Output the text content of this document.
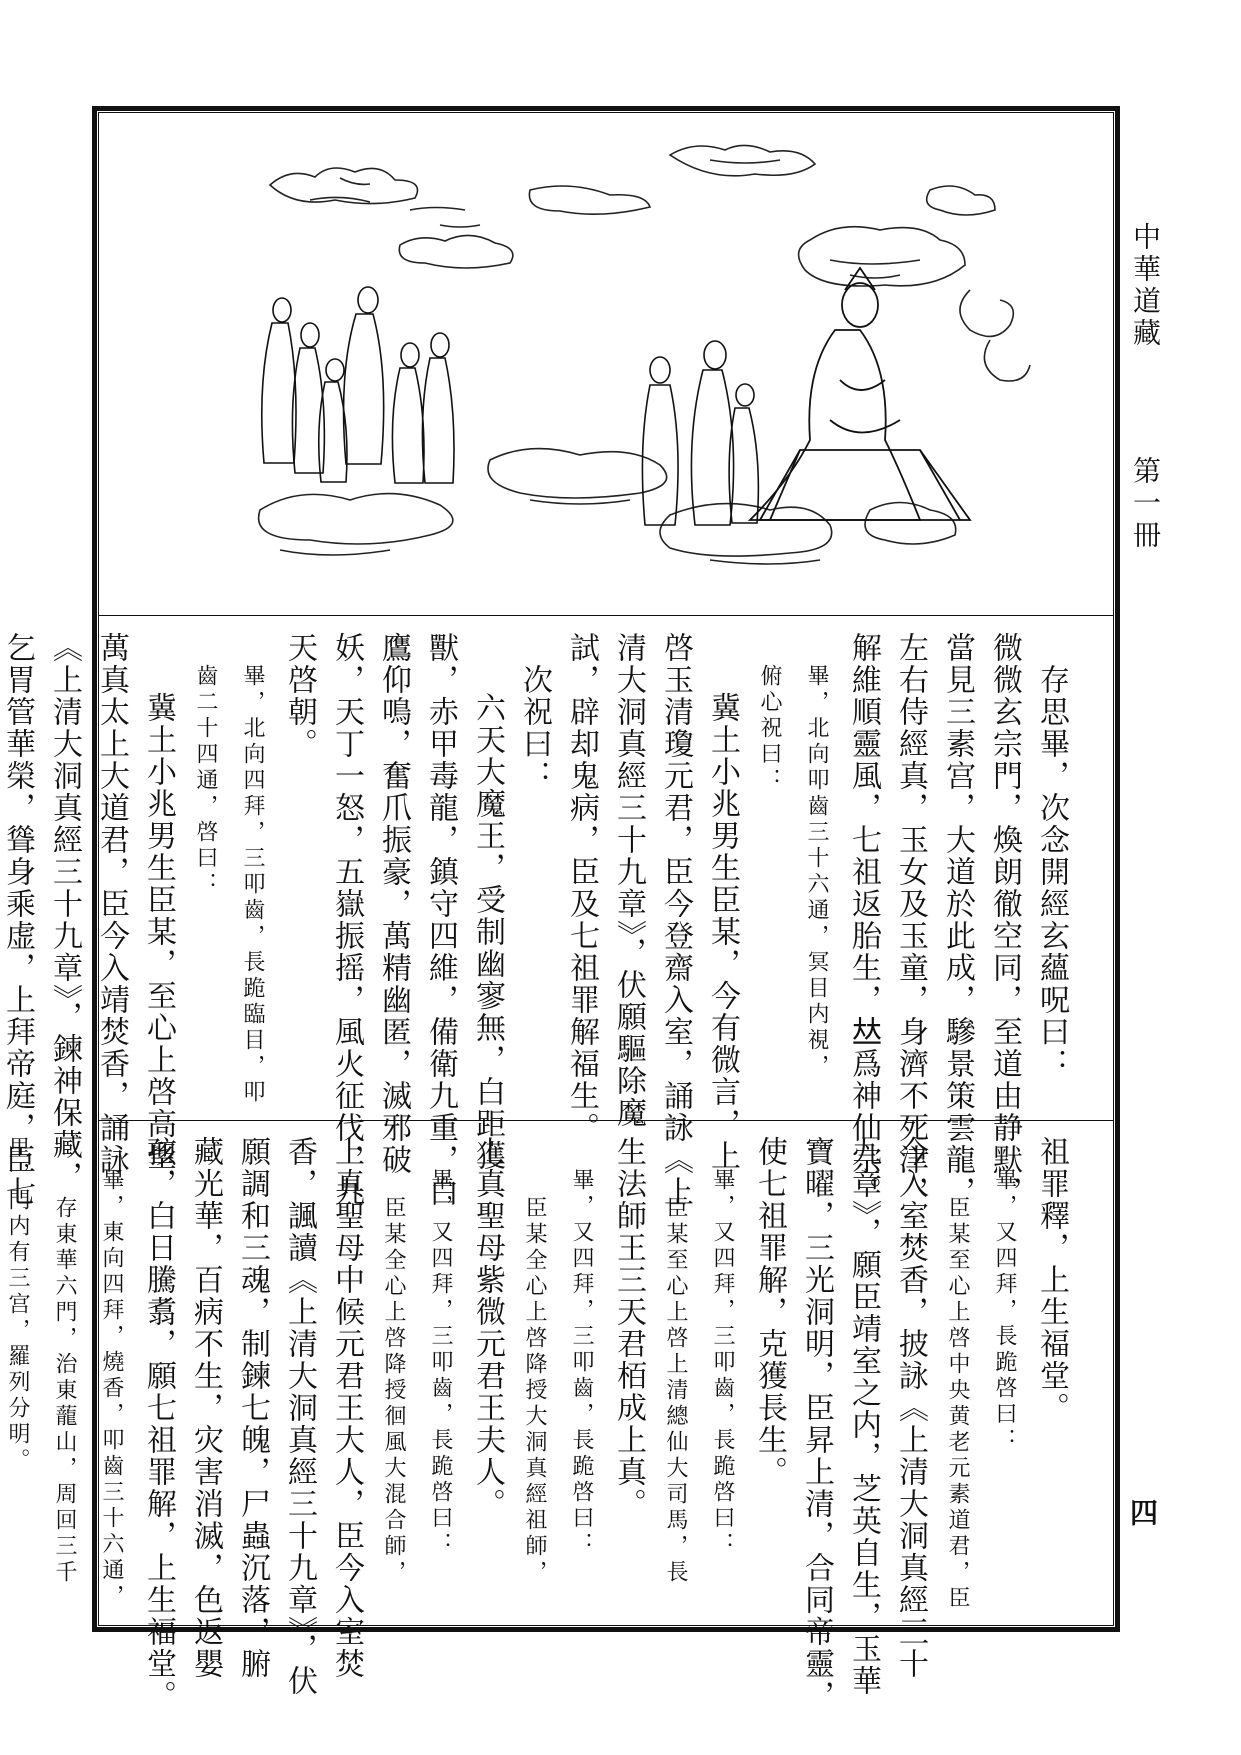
存思畢，次念開經玄蘊呪曰：
微微玄宗門，煥朗徹空同，至道由静默，
當見三素宫，大道於此成，驂景策雲龍，
左右侍經真，玉女及玉童，身濟不死津，
解維順靈風，七祖返胎生，𠀤爲神仙宗。
畢，北向叩齒三十六通，冥目内視，
俯心祝曰：
冀土小兆男生臣某，今有微言，上
啓玉清瓊元君，臣今登齋入室，誦詠《上
清大洞真經三十九章》，伏願驅除魔
試，辟却鬼病，臣及七祖罪解福生。
次祝曰：
六天大魔王，受制幽寥無，白距獲
獸，赤甲毒龍，鎮守四維，備衛九重，白
鷹仰鳴，奮爪振豪，萬精幽匿，滅邪破
妖，天丁一怒，五嶽振摇，風火征伐，九
天啓朝。
畢，北向四拜，三叩齒，長跪臨目，叩
齒二十四通，啓曰：
冀土小兆男生臣某，至心上啓高聖
萬真太上大道君，臣今入靖焚香，誦詠
《上清大洞真經三十九章》，鍊神保藏，
乞胃管華榮，聳身乘虚，上拜帝庭，臣七
祖罪釋，上生福堂。
畢，又四拜，長跪啓曰：
臣某至心上啓中央黄老元素道君，臣
今入室焚香，披詠《上清大洞真經三十
九章》，願臣靖室之内，芝英自生，玉華
寶曜，三光洞明，臣昇上清，合同帝靈，
使七祖罪解，克獲長生。
畢，又四拜，三叩齒，長跪啓曰：
臣某至心上啓上清總仙大司馬，長
生法師王三天君栢成上真。
畢，又四拜，三叩齒，長跪啓曰：
臣某全心上啓降授大洞真經祖師，
上真聖母紫微元君王夫人。
畢，又四拜，三叩齒，長跪啓曰：
臣某全心上啓降授徊風大混合師，
上真聖母中候元君王大人，臣今入室焚
香，諷讀《上清大洞真經三十九章》，伏
願調和三魂，制鍊七魄，尸蟲沉落，腑
藏光華，百病不生，灾害消滅，色返嬰
孩，白日騰翥，願七祖罪解，上生福堂。
畢，東向四拜，燒香，叩齒三十六通，
存東華六門，治東蘢山，周回三千
里，門内有三宫，羅列分明。
中華道藏 　 第一冊
四
